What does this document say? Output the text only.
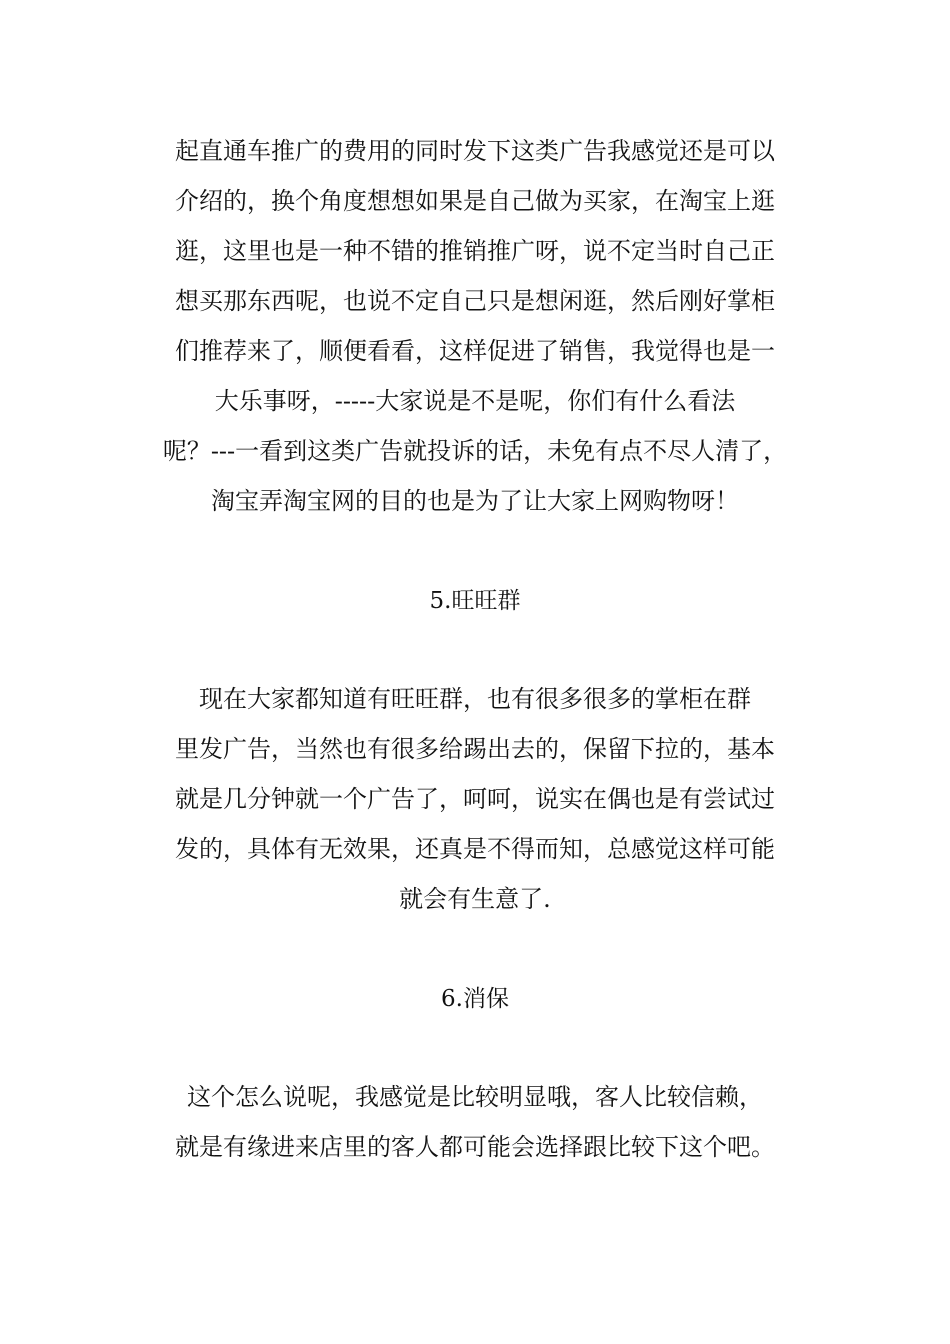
起直通车推广的费用的同时发下这类广告我感觉还是可以
介绍的，换个角度想想如果是自己做为买家，在淘宝上逛
逛，这里也是一种不错的推销推广呀，说不定当时自己正
想买那东西呢，也说不定自己只是想闲逛，然后刚好掌柜
们推荐来了，顺便看看，这样促进了销售，我觉得也是一
大乐事呀，-----大家说是不是呢，你们有什么看法
呢？---一看到这类广告就投诉的话，未免有点不尽人清了，
淘宝弄淘宝网的目的也是为了让大家上网购物呀！
5.旺旺群
现在大家都知道有旺旺群，也有很多很多的掌柜在群
里发广告，当然也有很多给踢出去的，保留下拉的，基本
就是几分钟就一个广告了，呵呵，说实在偶也是有尝试过
发的，具体有无效果，还真是不得而知，总感觉这样可能
就会有生意了.
6.消保
这个怎么说呢，我感觉是比较明显哦，客人比较信赖，
就是有缘进来店里的客人都可能会选择跟比较下这个吧。
